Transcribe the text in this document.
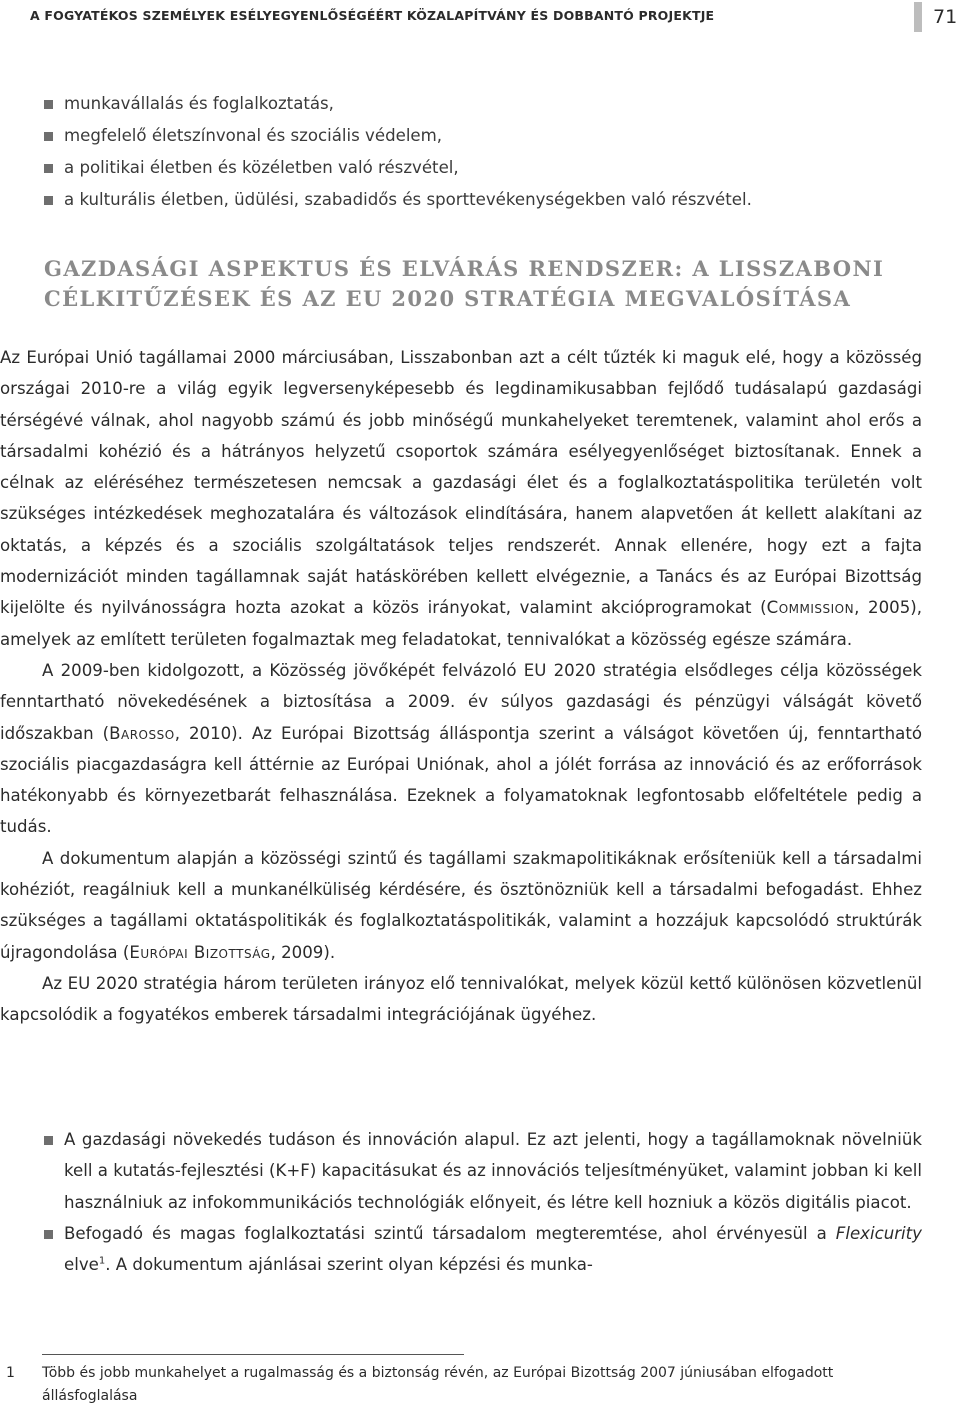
A FOGYATÉKOS SZEMÉLYEK ESÉLYEGYENLŐSÉGÉÉRT KÖZALAPÍTVÁNY ÉS DOBBANTÓ PROJEKTJE	71
munkavállalás és foglalkoztatás,
megfelelő életszínvonal és szociális védelem,
a politikai életben és közéletben való részvétel,
a kulturális életben, üdülési, szabadidős és sporttevékenységekben való részvétel.
GAZDASÁGI ASPEKTUS ÉS ELVÁRÁS RENDSZER: A LISSZABONI CÉLKITŰZÉSEK ÉS AZ EU 2020 STRATÉGIA MEGVALÓSÍTÁSA

Az Európai Unió tagállamai 2000 márciusában, Lisszabonban azt a célt tűzték ki maguk elé, hogy a közösség országai 2010-re a világ egyik legversenyképesebb és legdinamikusabban fejlődő tudásalapú gazdasági térségévé válnak, ahol nagyobb számú és jobb minőségű munkahelyeket teremtenek, valamint ahol erős a társadalmi kohézió és a hátrányos helyzetű csoportok számára esélyegyenlőséget biztosítanak. Ennek a célnak az eléréséhez természetesen nemcsak a gazdasági élet és a foglalkoztatáspolitika területén volt szükséges intézkedések meghozatalára és változások elindítására, hanem alapvetően át kellett alakítani az oktatás, a képzés és a szociális szolgáltatások teljes rendszerét. Annak ellenére, hogy ezt a fajta modernizációt minden tagállamnak saját hatáskörében kellett elvégeznie, a Tanács és az Európai Bizottság kijelölte és nyilvánosságra hozta azokat a közös irányokat, valamint akcióprogramokat (Commission, 2005), amelyek az említett területen fogalmaztak meg feladatokat, tennivalókat a közösség egésze számára.

A 2009-ben kidolgozott, a Közösség jövőképét felvázoló EU 2020 stratégia elsődleges célja közösségek fenntartható növekedésének a biztosítása a 2009. év súlyos gazdasági és pénzügyi válságát követő időszakban (Barosso, 2010). Az Európai Bizottság álláspontja szerint a válságot követően új, fenntartható szociális piacgazdaságra kell áttérnie az Európai Uniónak, ahol a jólét forrása az innováció és az erőforrások hatékonyabb és környezetbarát felhasználása. Ezeknek a folyamatoknak legfontosabb előfeltétele pedig a tudás.

A dokumentum alapján a közösségi szintű és tagállami szakmapolitikáknak erősíteniük kell a társadalmi kohéziót, reagálniuk kell a munkanélküliség kérdésére, és ösztönözniük kell a társadalmi befogadást. Ehhez szükséges a tagállami oktatáspolitikák és foglalkoztatáspolitikák, valamint a hozzájuk kapcsolódó struktúrák újragondolása (Európai Bizottság, 2009).

Az EU 2020 stratégia három területen irányoz elő tennivalókat, melyek közül kettő különösen közvetlenül kapcsolódik a fogyatékos emberek társadalmi integrációjának ügyéhez.

A gazdasági növekedés tudáson és innováción alapul. Ez azt jelenti, hogy a tagállamoknak növelniük kell a kutatás-fejlesztési (K+F) kapacitásukat és az innovációs teljesítményüket, valamint jobban ki kell használniuk az infokommunikációs technológiák előnyeit, és létre kell hozniuk a közös digitális piacot.
Befogadó és magas foglalkoztatási szintű társadalom megteremtése, ahol érvényesül a Flexicurity elve$^1$. A dokumentum ajánlásai szerint olyan képzési és munka-
1 Több és jobb munkahelyet a rugalmasság és a biztonság révén, az Európai Bizottság 2007 júniusában elfogadott állásfoglalása
